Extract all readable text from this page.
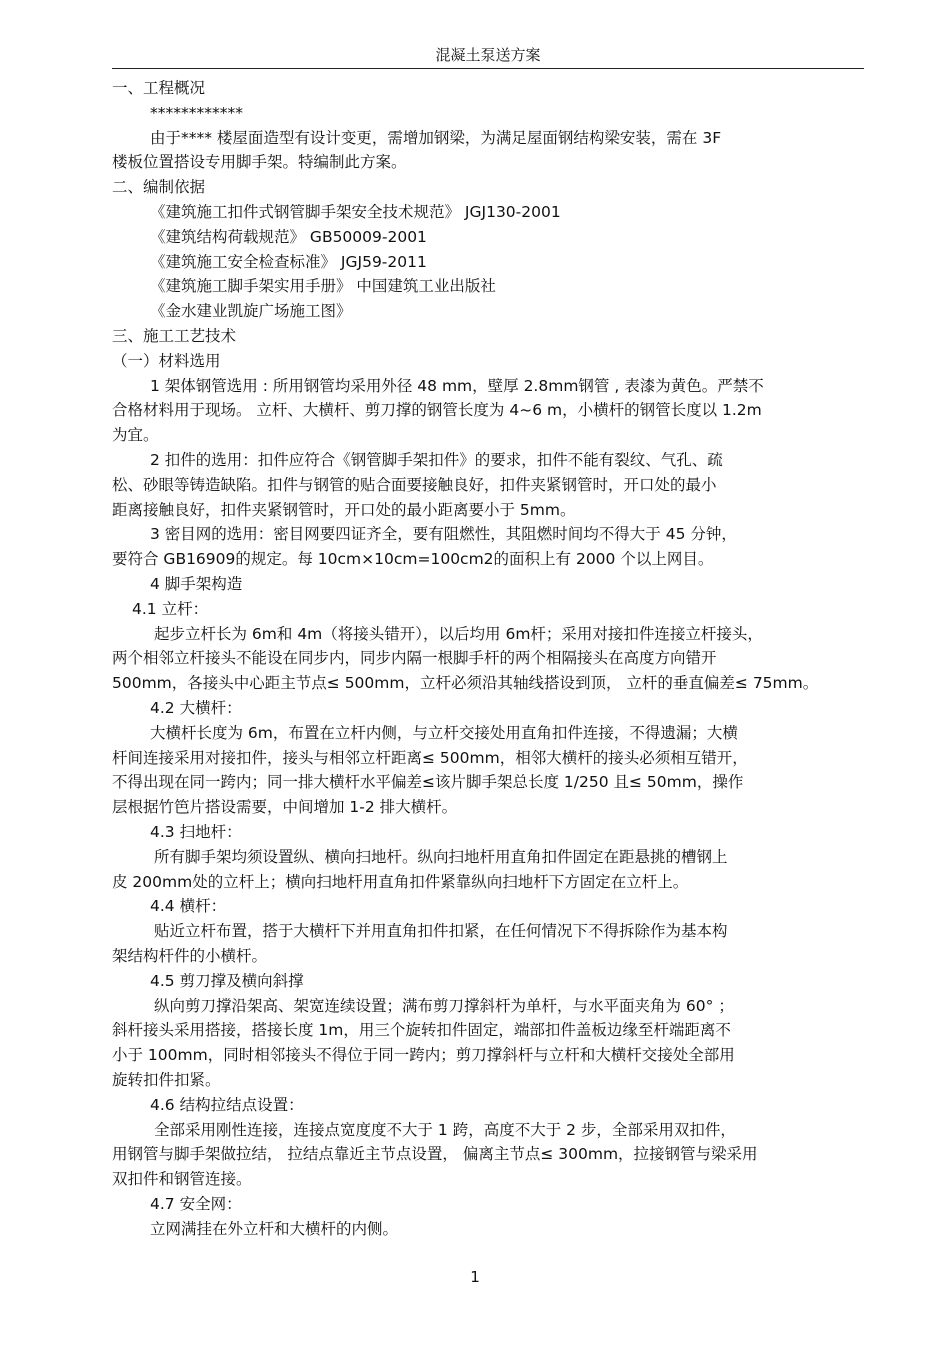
混凝土泵送方案
一、工程概况
************
由于**** 楼屋面造型有设计变更，需增加钢梁，为满足屋面钢结构梁安装，需在 3F
楼板位置搭设专用脚手架。特编制此方案。
二、编制依据
《建筑施工扣件式钢管脚手架安全技术规范》 JGJ130-2001
《建筑结构荷载规范》 GB50009-2001
《建筑施工安全检查标准》 JGJ59-2011
《建筑施工脚手架实用手册》 中国建筑工业出版社
《金水建业凯旋广场施工图》
三、施工工艺技术
（一）材料选用
1 架体钢管选用 : 所用钢管均采用外径 48 mm，壁厚 2.8mm钢管 , 表漆为黄色。严禁不
合格材料用于现场。 立杆、大横杆、剪刀撑的钢管长度为 4~6 m，小横杆的钢管长度以 1.2m
为宜。
2 扣件的选用：扣件应符合《钢管脚手架扣件》的要求，扣件不能有裂纹、气孔、疏
松、砂眼等铸造缺陷。扣件与钢管的贴合面要接触良好，扣件夹紧钢管时，开口处的最小
距离接触良好，扣件夹紧钢管时，开口处的最小距离要小于 5mm。
3 密目网的选用：密目网要四证齐全，要有阻燃性，其阻燃时间均不得大于 45 分钟，
要符合 GB16909的规定。每 10cm×10cm=100cm2的面积上有 2000 个以上网目。
4 脚手架构造
4.1 立杆：
起步立杆长为 6m和 4m（将接头错开），以后均用 6m杆；采用对接扣件连接立杆接头，
两个相邻立杆接头不能设在同步内，同步内隔一根脚手杆的两个相隔接头在高度方向错开
500mm，各接头中心距主节点≤ 500mm，立杆必须沿其轴线搭设到顶， 立杆的垂直偏差≤ 75mm。
4.2 大横杆：
大横杆长度为 6m，布置在立杆内侧，与立杆交接处用直角扣件连接，不得遗漏；大横
杆间连接采用对接扣件，接头与相邻立杆距离≤ 500mm，相邻大横杆的接头必须相互错开，
不得出现在同一跨内；同一排大横杆水平偏差≤该片脚手架总长度 1/250 且≤ 50mm，操作
层根据竹笆片搭设需要，中间增加 1-2 排大横杆。
4.3 扫地杆：
所有脚手架均须设置纵、横向扫地杆。纵向扫地杆用直角扣件固定在距悬挑的槽钢上
皮 200mm处的立杆上；横向扫地杆用直角扣件紧靠纵向扫地杆下方固定在立杆上。
4.4 横杆：
贴近立杆布置，搭于大横杆下并用直角扣件扣紧，在任何情况下不得拆除作为基本构
架结构杆件的小横杆。
4.5 剪刀撑及横向斜撑
纵向剪刀撑沿架高、架宽连续设置；满布剪刀撑斜杆为单杆，与水平面夹角为 60° ；
斜杆接头采用搭接，搭接长度 1m，用三个旋转扣件固定，端部扣件盖板边缘至杆端距离不
小于 100mm，同时相邻接头不得位于同一跨内；剪刀撑斜杆与立杆和大横杆交接处全部用
旋转扣件扣紧。
4.6 结构拉结点设置：
全部采用刚性连接，连接点宽度度不大于 1 跨，高度不大于 2 步，全部采用双扣件，
用钢管与脚手架做拉结， 拉结点靠近主节点设置， 偏离主节点≤ 300mm，拉接钢管与梁采用
双扣件和钢管连接。
4.7 安全网：
立网满挂在外立杆和大横杆的内侧。
1
